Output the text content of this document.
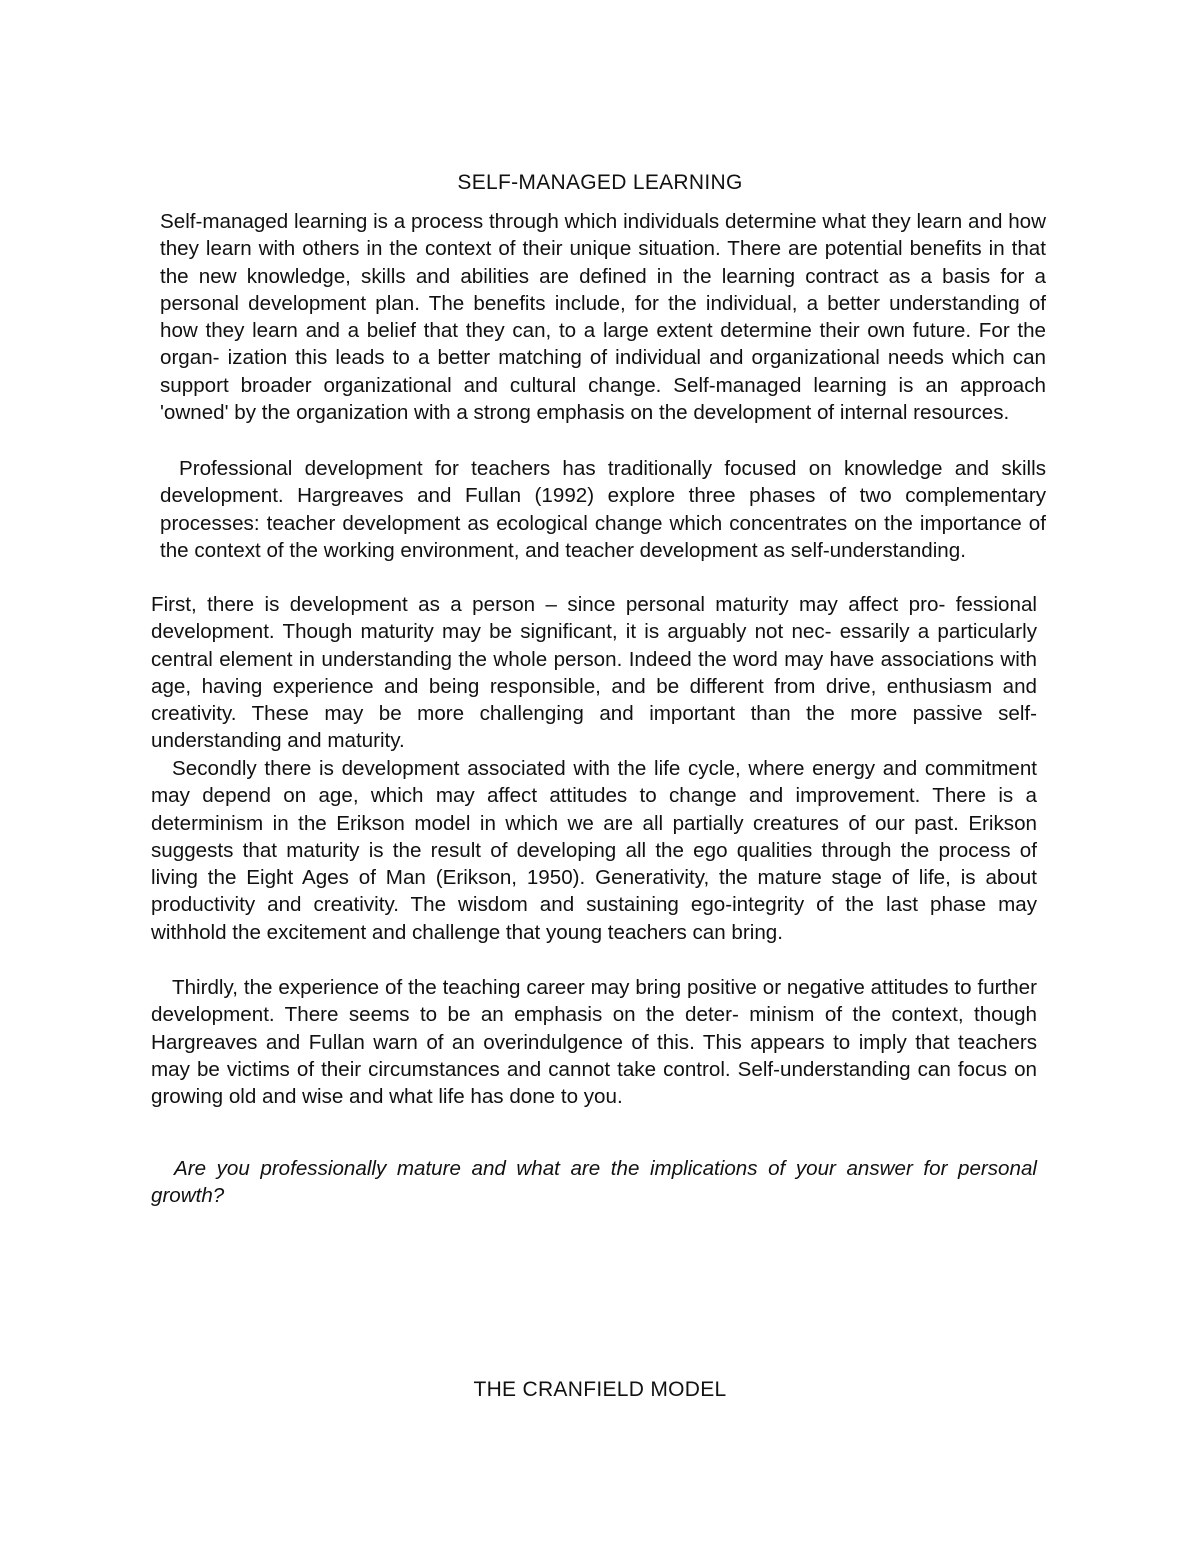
SELF-MANAGED LEARNING

Self-managed learning is a process through which individuals determine what they learn and how they learn with others in the context of their unique situation. There are potential benefits in that the new knowledge, skills and abilities are defined in the learning contract as a basis for a personal development plan. The benefits include, for the individual, a better understanding of how they learn and a belief that they can, to a large extent determine their own future. For the organ- ization this leads to a better matching of individual and organizational needs which can support broader organizational and cultural change. Self-managed learning is an approach 'owned' by the organization with a strong emphasis on the development of internal resources.

Professional development for teachers has traditionally focused on knowledge and skills development. Hargreaves and Fullan (1992) explore three phases of two complementary processes: teacher development as ecological change which concentrates on the importance of the context of the working environment, and teacher development as self-understanding.

First, there is development as a person – since personal maturity may affect pro- fessional development. Though maturity may be significant, it is arguably not nec- essarily a particularly central element in understanding the whole person. Indeed the word may have associations with age, having experience and being responsible, and be different from drive, enthusiasm and creativity. These may be more challenging and important than the more passive self-understanding and maturity.

Secondly there is development associated with the life cycle, where energy and commitment may depend on age, which may affect attitudes to change and improvement. There is a determinism in the Erikson model in which we are all partially creatures of our past. Erikson suggests that maturity is the result of developing all the ego qualities through the process of living the Eight Ages of Man (Erikson, 1950). Generativity, the mature stage of life, is about productivity and creativity. The wisdom and sustaining ego-integrity of the last phase may withhold the excitement and challenge that young teachers can bring.

Thirdly, the experience of the teaching career may bring positive or negative attitudes to further development. There seems to be an emphasis on the deter- minism of the context, though Hargreaves and Fullan warn of an overindulgence of this. This appears to imply that teachers may be victims of their circumstances and cannot take control. Self-understanding can focus on growing old and wise and what life has done to you.

Are you professionally mature and what are the implications of your answer for personal growth?

THE CRANFIELD MODEL
